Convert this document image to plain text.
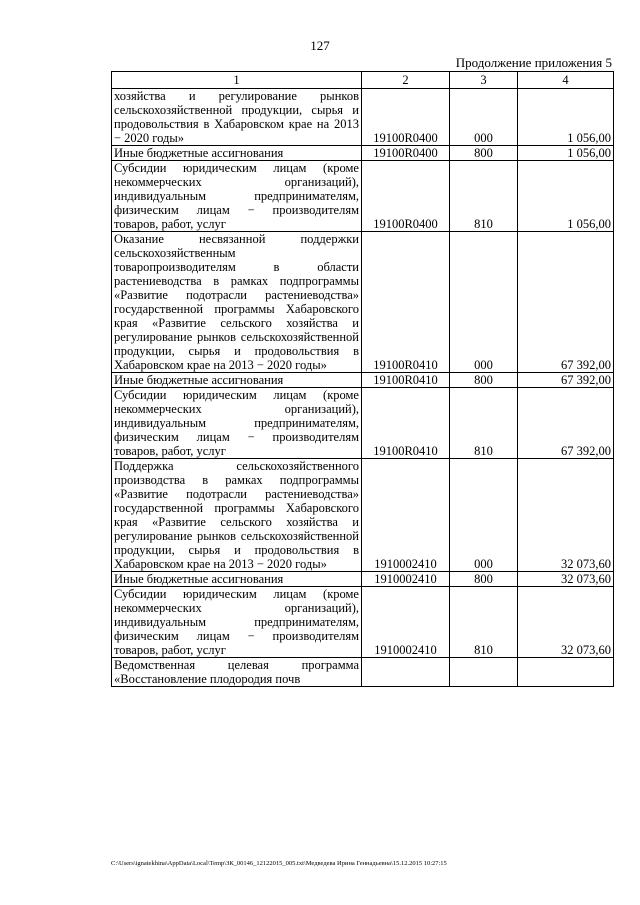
127
Продолжение приложения 5
1	2	3	4
хозяйства и регулирование рынков сельскохозяйственной продукции, сырья и продовольствия в Хабаровском крае на 2013 − 2020 годы»	19100R0400	000	1 056,00
Иные бюджетные ассигнования	19100R0400	800	1 056,00
Субсидии юридическим лицам (кроме некоммерческих организаций), индивидуальным предпринимателям, физическим лицам − производителям товаров, работ, услуг	19100R0400	810	1 056,00
Оказание несвязанной поддержки сельскохозяйственным товаропроизводителям в области растениеводства в рамках подпрограммы «Развитие подотрасли растениеводства» государственной программы Хабаровского края «Развитие сельского хозяйства и регулирование рынков сельскохозяйственной продукции, сырья и продовольствия в Хабаровском крае на 2013 − 2020 годы»	19100R0410	000	67 392,00
Иные бюджетные ассигнования	19100R0410	800	67 392,00
Субсидии юридическим лицам (кроме некоммерческих организаций), индивидуальным предпринимателям, физическим лицам − производителям товаров, работ, услуг	19100R0410	810	67 392,00
Поддержка сельскохозяйственного производства в рамках подпрограммы «Развитие подотрасли растениеводства» государственной программы Хабаровского края «Развитие сельского хозяйства и регулирование рынков сельскохозяйственной продукции, сырья и продовольствия в Хабаровском крае на 2013 − 2020 годы»	1910002410	000	32 073,60
Иные бюджетные ассигнования	1910002410	800	32 073,60
Субсидии юридическим лицам (кроме некоммерческих организаций), индивидуальным предпринимателям, физическим лицам − производителям товаров, работ, услуг	1910002410	810	32 073,60
Ведомственная целевая программа «Восстановление плодородия почв			
C:\Users\ignatekhina\AppData\Local\Temp\ЗК_00146_12122015_005.txt\Медведева Ирина Геннадьевна\15.12.2015 10:27:15
